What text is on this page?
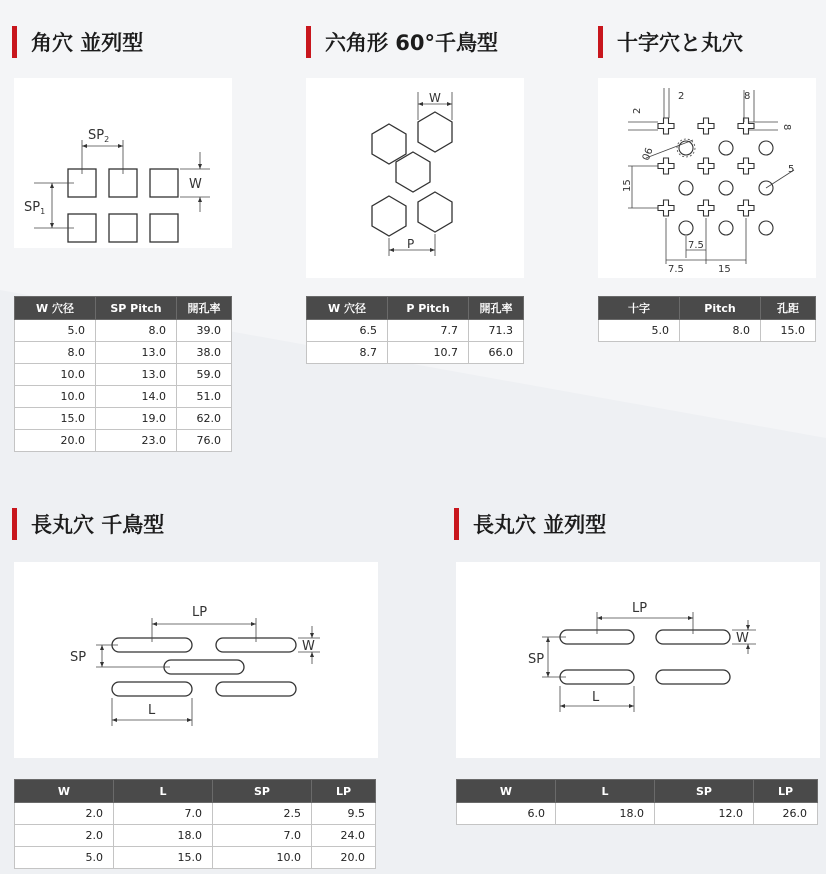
角穴 並列型
$SP_2$
$SP_1$
W
W 穴径	SP Pitch	開孔率
5.0	8.0	39.0
8.0	13.0	38.0
10.0	13.0	59.0
10.0	14.0	51.0
15.0	19.0	62.0
20.0	23.0	76.0
六角形 60°千鳥型
W
P
W 穴径	P Pitch	開孔率
6.5	7.7	71.3
8.7	10.7	66.0
十字穴と丸穴
2	8
2
8
06
15
5
7.5
7.5	15
十字	Pitch	孔距
5.0	8.0	15.0
長丸穴 千鳥型
LP
SP
W
L
W	L	SP	LP
2.0	7.0	2.5	9.5
2.0	18.0	7.0	24.0
5.0	15.0	10.0	20.0
長丸穴 並列型
LP
SP
W
L
W	L	SP	LP
6.0	18.0	12.0	26.0
